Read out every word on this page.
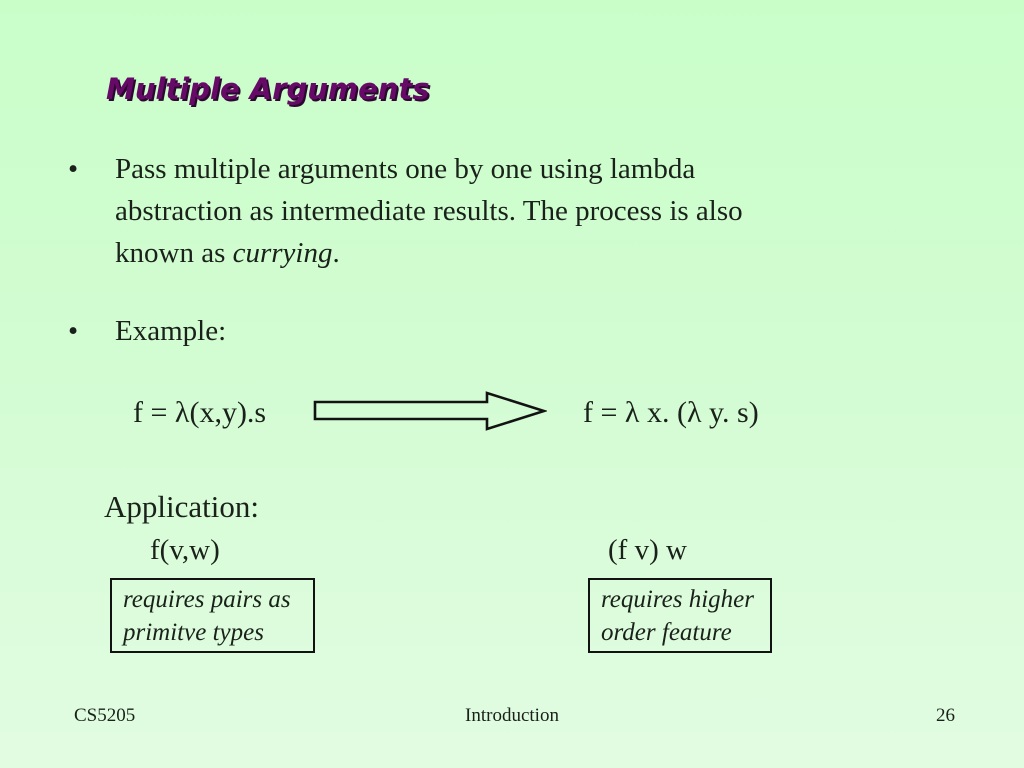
Multiple Arguments
•	Pass multiple arguments one by one using lambda
abstraction as intermediate results. The process is also
known as currying.
•	Example:
f = λ(x,y).s	f = λ x. (λ y. s)
Application:
f(v,w)	(f v) w
requires pairs as
primitve types
requires higher
order feature
CS5205	Introduction	26
